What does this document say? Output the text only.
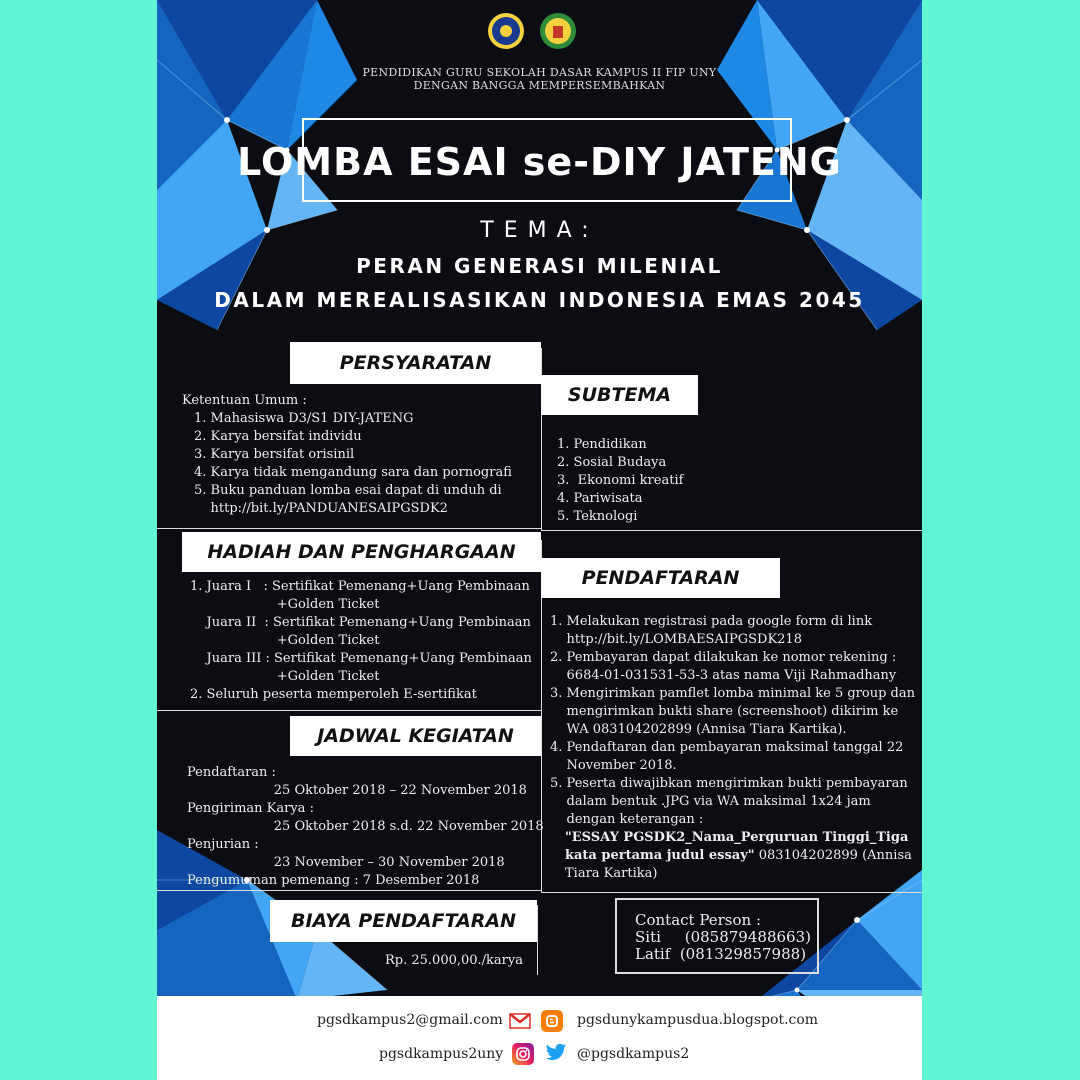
PENDIDIKAN GURU SEKOLAH DASAR KAMPUS II FIP UNY
DENGAN BANGGA MEMPERSEMBAHKAN
LOMBA ESAI se-DIY JATENG
TEMA:
PERAN GENERASI MILENIAL
DALAM MEREALISASIKAN INDONESIA EMAS 2045
PERSYARATAN
Ketentuan Umum :
1. Mahasiswa D3/S1 DIY-JATENG
2. Karya bersifat individu
3. Karya bersifat orisinil
4. Karya tidak mengandung sara dan pornografi
5. Buku panduan lomba esai dapat di unduh di
http://bit.ly/PANDUANESAIPGSDK2
SUBTEMA
1. Pendidikan
2. Sosial Budaya
3.  Ekonomi kreatif
4. Pariwisata
5. Teknologi
HADIAH DAN PENGHARGAAN
1. Juara I   : Sertifikat Pemenang+Uang Pembinaan
+Golden Ticket
Juara II  : Sertifikat Pemenang+Uang Pembinaan
+Golden Ticket
Juara III : Sertifikat Pemenang+Uang Pembinaan
+Golden Ticket
2. Seluruh peserta memperoleh E-sertifikat
PENDAFTARAN
1. Melakukan registrasi pada google form di link
http://bit.ly/LOMBAESAIPGSDK218
2. Pembayaran dapat dilakukan ke nomor rekening :
6684-01-031531-53-3 atas nama Viji Rahmadhany
3. Mengirimkan pamflet lomba minimal ke 5 group dan
mengirimkan bukti share (screenshoot) dikirim ke
WA 083104202899 (Annisa Tiara Kartika).
4. Pendaftaran dan pembayaran maksimal tanggal 22
November 2018.
5. Peserta diwajibkan mengirimkan bukti pembayaran
dalam bentuk .JPG via WA maksimal 1x24 jam
dengan keterangan :
"ESSAY PGSDK2_Nama_Perguruan Tinggi_Tiga
kata pertama judul essay" 083104202899 (Annisa
Tiara Kartika)
JADWAL KEGIATAN
Pendaftaran :
25 Oktober 2018 – 22 November 2018
Pengiriman Karya :
25 Oktober 2018 s.d. 22 November 2018
Penjurian :
23 November – 30 November 2018
Pengumuman pemenang : 7 Desember 2018
BIAYA PENDAFTARAN
Rp. 25.000,00./karya
Contact Person :
Siti     (085879488663)
Latif  (081329857988)
pgsdkampus2@gmail.com	pgsdunykampusdua.blogspot.com
pgsdkampus2uny	@pgsdkampus2
